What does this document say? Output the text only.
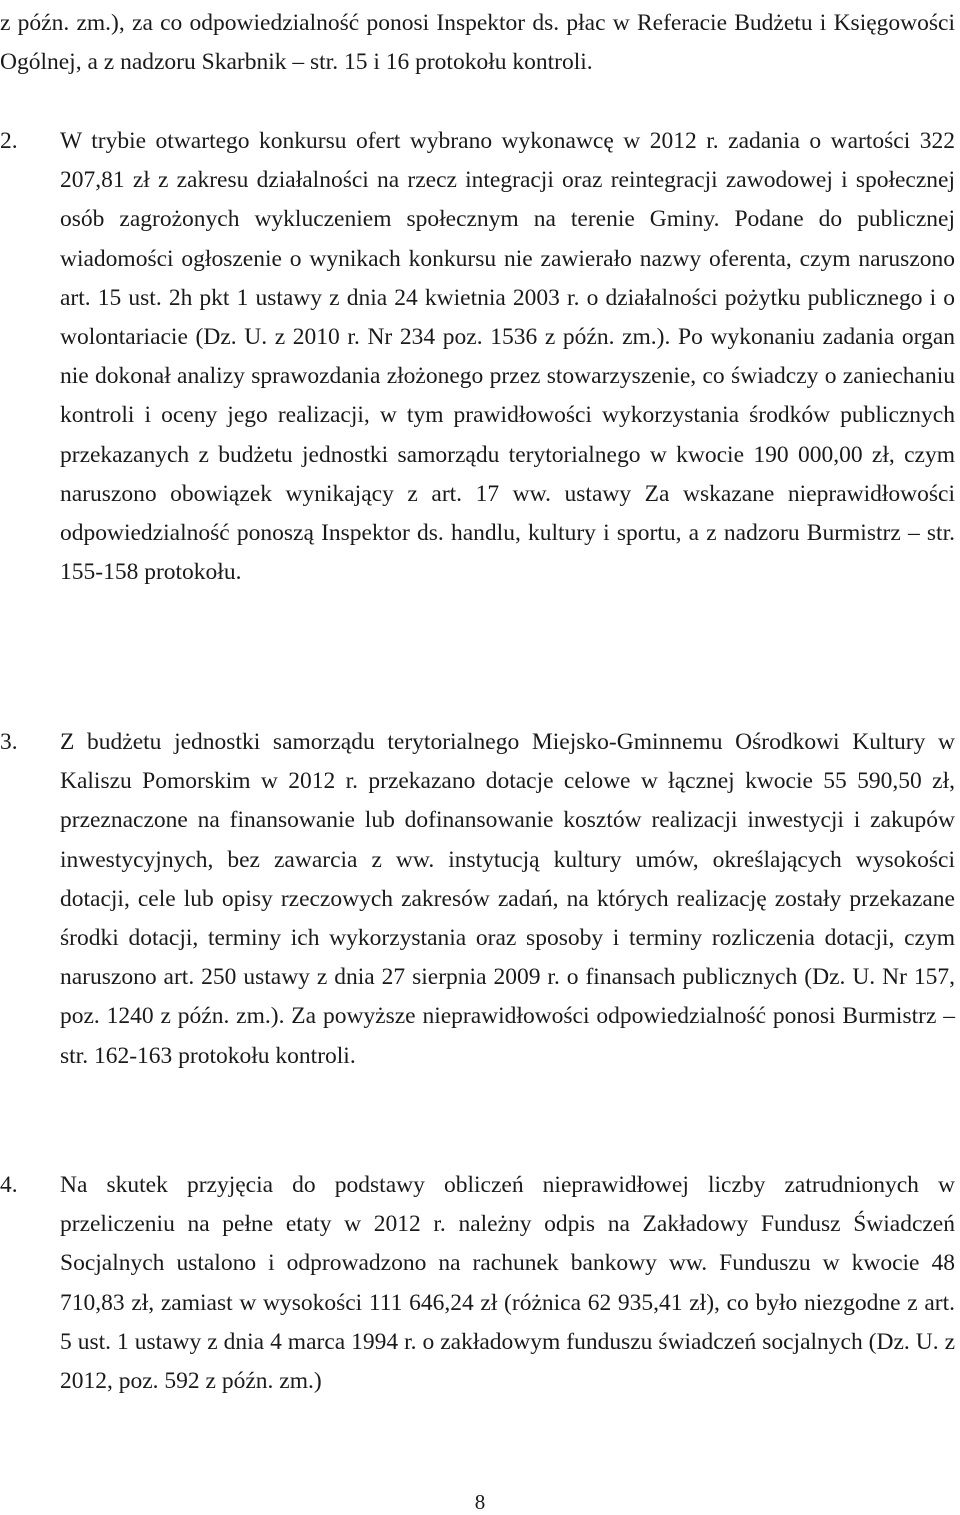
z późn. zm.), za co odpowiedzialność ponosi Inspektor ds. płac w Referacie Budżetu i Księgowości Ogólnej, a z nadzoru Skarbnik – str. 15 i 16 protokołu kontroli.

2. W trybie otwartego konkursu ofert wybrano wykonawcę w 2012 r. zadania o wartości 322 207,81 zł z zakresu działalności na rzecz integracji oraz reintegracji zawodowej i społecznej osób zagrożonych wykluczeniem społecznym na terenie Gminy. Podane do publicznej wiadomości ogłoszenie o wynikach konkursu nie zawierało nazwy oferenta, czym naruszono art. 15 ust. 2h pkt 1 ustawy z dnia 24 kwietnia 2003 r. o działalności pożytku publicznego i o wolontariacie (Dz. U. z 2010 r. Nr 234 poz. 1536 z późn. zm.). Po wykonaniu zadania organ nie dokonał analizy sprawozdania złożonego przez stowarzyszenie, co świadczy o zaniechaniu kontroli i oceny jego realizacji, w tym prawidłowości wykorzystania środków publicznych przekazanych z budżetu jednostki samorządu terytorialnego w kwocie 190 000,00 zł, czym naruszono obowiązek wynikający z art. 17 ww. ustawy Za wskazane nieprawidłowości odpowiedzialność ponoszą Inspektor ds. handlu, kultury i sportu, a z nadzoru Burmistrz – str. 155-158 protokołu.

3. Z budżetu jednostki samorządu terytorialnego Miejsko-Gminnemu Ośrodkowi Kultury w Kaliszu Pomorskim w 2012 r. przekazano dotacje celowe w łącznej kwocie 55 590,50 zł, przeznaczone na finansowanie lub dofinansowanie kosztów realizacji inwestycji i zakupów inwestycyjnych, bez zawarcia z ww. instytucją kultury umów, określających wysokości dotacji, cele lub opisy rzeczowych zakresów zadań, na których realizację zostały przekazane środki dotacji, terminy ich wykorzystania oraz sposoby i terminy rozliczenia dotacji, czym naruszono art. 250 ustawy z dnia 27 sierpnia 2009 r. o finansach publicznych (Dz. U. Nr 157, poz. 1240 z późn. zm.). Za powyższe nieprawidłowości odpowiedzialność ponosi Burmistrz – str. 162-163 protokołu kontroli.

4. Na skutek przyjęcia do podstawy obliczeń nieprawidłowej liczby zatrudnionych w przeliczeniu na pełne etaty w 2012 r. należny odpis na Zakładowy Fundusz Świadczeń Socjalnych ustalono i odprowadzono na rachunek bankowy ww. Funduszu w kwocie 48 710,83 zł, zamiast w wysokości 111 646,24 zł (różnica 62 935,41 zł), co było niezgodne z art. 5 ust. 1 ustawy z dnia 4 marca 1994 r. o zakładowym funduszu świadczeń socjalnych (Dz. U. z 2012, poz. 592 z późn. zm.)

8
